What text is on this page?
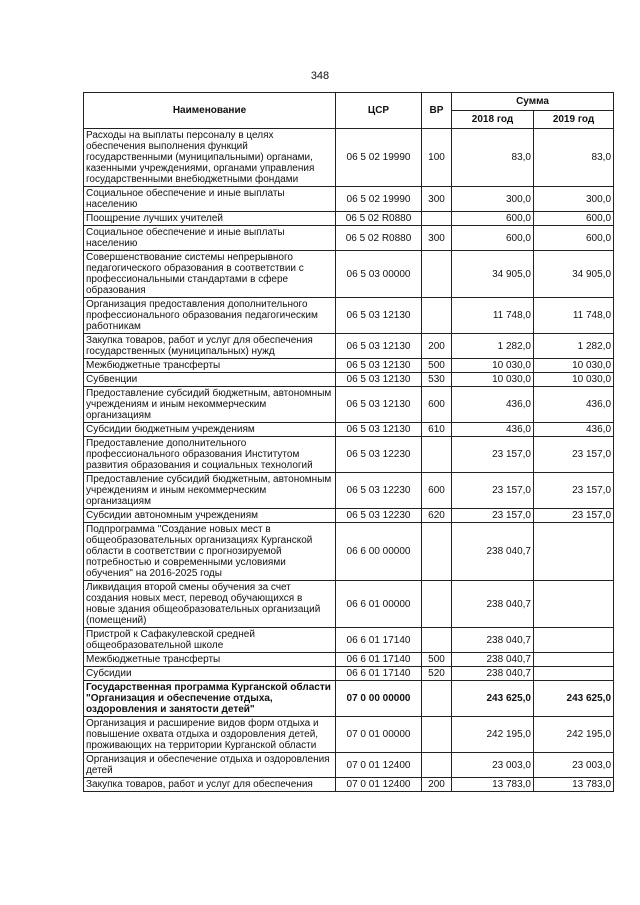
348
Наименование	ЦСР	ВР	Сумма	
			2018 год	2019 год
Расходы на выплаты персоналу в целях обеспечения выполнения функций государственными (муниципальными) органами, казенными учреждениями, органами управления государственными внебюджетными фондами	06 5 02 19990	100	83,0	83,0
Социальное обеспечение и иные выплаты населению	06 5 02 19990	300	300,0	300,0
Поощрение лучших учителей	06 5 02 R0880		600,0	600,0
Социальное обеспечение и иные выплаты населению	06 5 02 R0880	300	600,0	600,0
Совершенствование системы непрерывного педагогического образования в соответствии с профессиональными стандартами в сфере образования	06 5 03 00000		34 905,0	34 905,0
Организация предоставления дополнительного профессионального образования педагогическим работникам	06 5 03 12130		11 748,0	11 748,0
Закупка товаров, работ и услуг для обеспечения государственных (муниципальных) нужд	06 5 03 12130	200	1 282,0	1 282,0
Межбюджетные трансферты	06 5 03 12130	500	10 030,0	10 030,0
Субвенции	06 5 03 12130	530	10 030,0	10 030,0
Предоставление субсидий бюджетным, автономным учреждениям и иным некоммерческим организациям	06 5 03 12130	600	436,0	436,0
Субсидии бюджетным учреждениям	06 5 03 12130	610	436,0	436,0
Предоставление дополнительного профессионального образования Институтом развития образования и социальных технологий	06 5 03 12230		23 157,0	23 157,0
Предоставление субсидий бюджетным, автономным учреждениям и иным некоммерческим организациям	06 5 03 12230	600	23 157,0	23 157,0
Субсидии автономным учреждениям	06 5 03 12230	620	23 157,0	23 157,0
Подпрограмма "Создание новых мест в общеобразовательных организациях Курганской области в соответствии с прогнозируемой потребностью и современными условиями обучения" на 2016-2025 годы	06 6 00 00000		238 040,7	
Ликвидация второй смены обучения за счет создания новых мест, перевод обучающихся в новые здания общеобразовательных организаций (помещений)	06 6 01 00000		238 040,7	
Пристрой к Сафакулевской средней общеобразовательной школе	06 6 01 17140		238 040,7	
Межбюджетные трансферты	06 6 01 17140	500	238 040,7	
Субсидии	06 6 01 17140	520	238 040,7	
Государственная программа Курганской области "Организация и обеспечение отдыха, оздоровления и занятости детей"	07 0 00 00000		243 625,0	243 625,0
Организация и расширение видов форм отдыха и повышение охвата отдыха и оздоровления детей, проживающих на территории Курганской области	07 0 01 00000		242 195,0	242 195,0
Организация и обеспечение отдыха и оздоровления детей	07 0 01 12400		23 003,0	23 003,0
Закупка товаров, работ и услуг для обеспечения	07 0 01 12400	200	13 783,0	13 783,0
